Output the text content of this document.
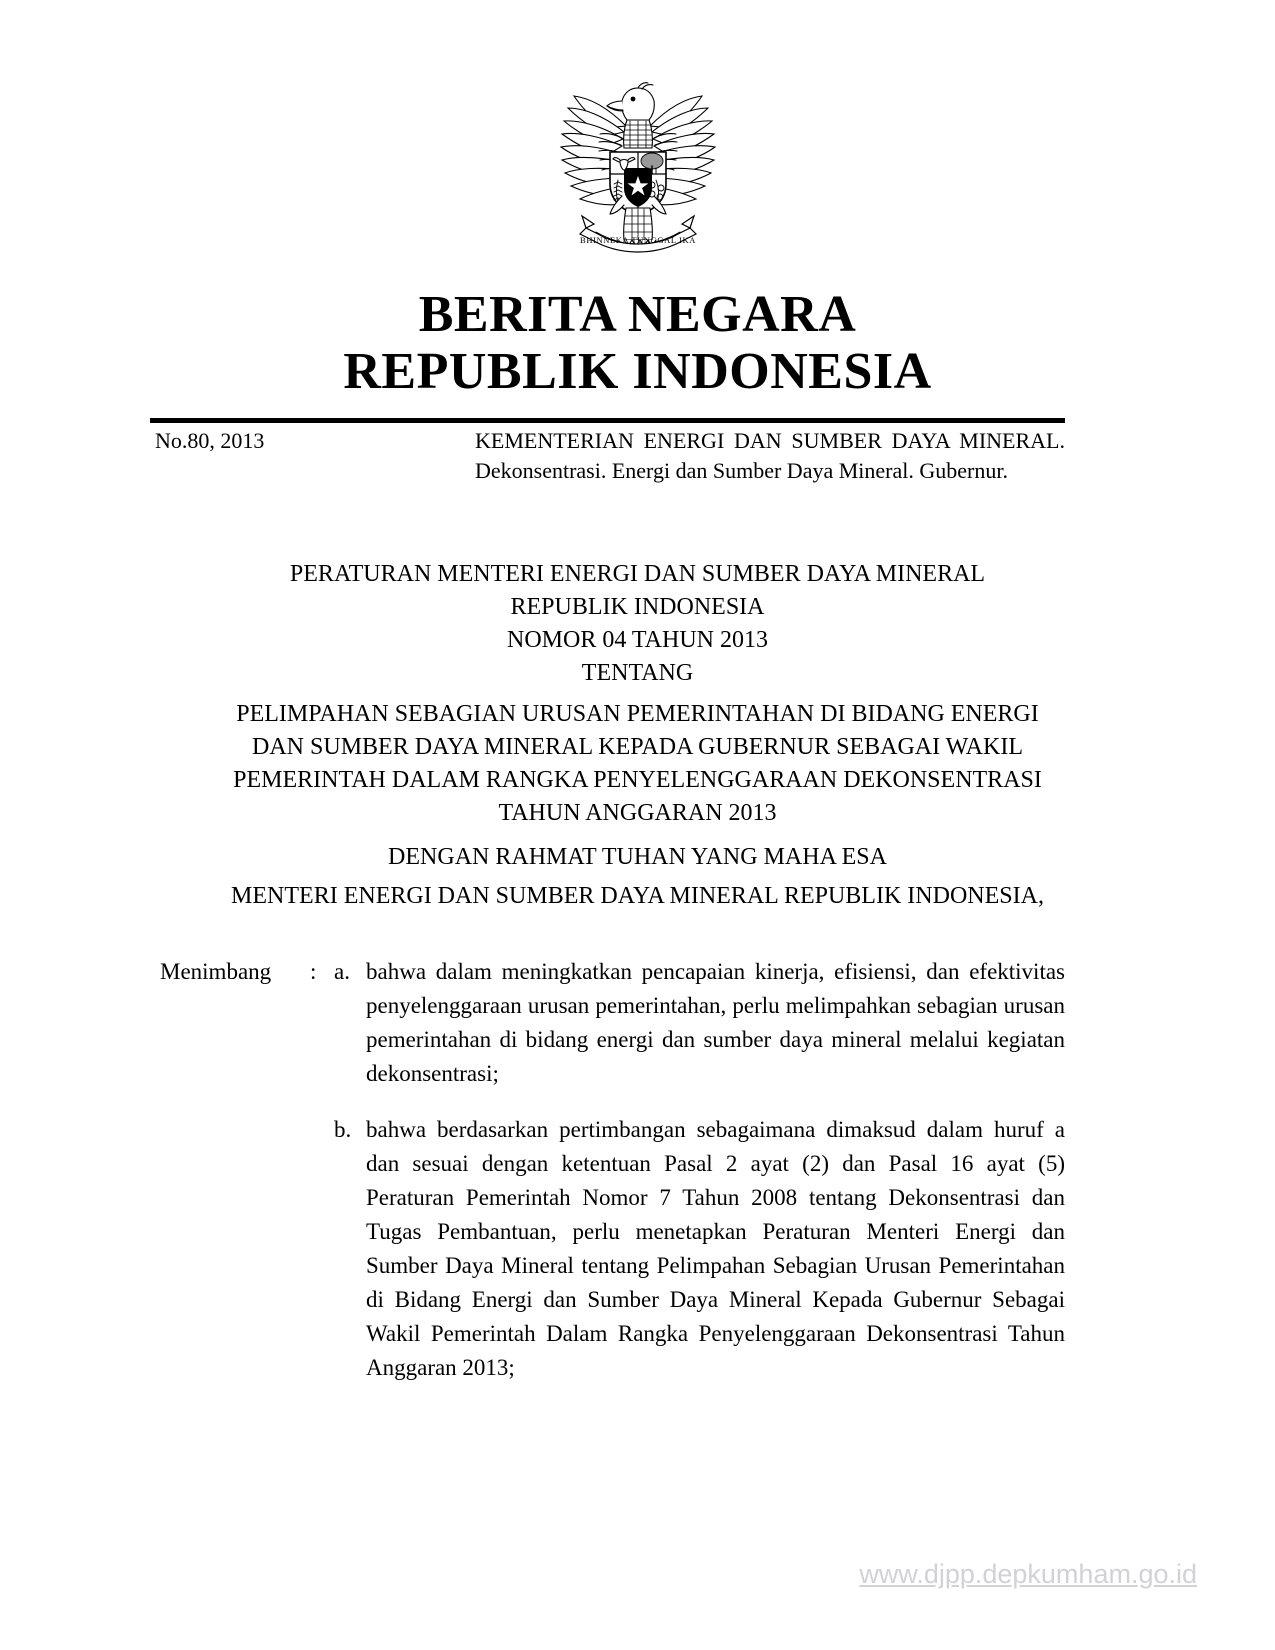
BHINNEKA TUNGGAL IKA
BERITA NEGARA
REPUBLIK INDONESIA
No.80, 2013	KEMENTERIAN ENERGI DAN SUMBER DAYA MINERAL. Dekonsentrasi. Energi dan Sumber Daya Mineral. Gubernur.
PERATURAN MENTERI ENERGI DAN SUMBER DAYA MINERAL
REPUBLIK INDONESIA
NOMOR 04 TAHUN 2013
TENTANG
PELIMPAHAN SEBAGIAN URUSAN PEMERINTAHAN DI BIDANG ENERGI
DAN SUMBER DAYA MINERAL KEPADA GUBERNUR SEBAGAI WAKIL
PEMERINTAH DALAM RANGKA PENYELENGGARAAN DEKONSENTRASI
TAHUN ANGGARAN 2013
DENGAN RAHMAT TUHAN YANG MAHA ESA
MENTERI ENERGI DAN SUMBER DAYA MINERAL REPUBLIK INDONESIA,
Menimbang	: a. bahwa dalam meningkatkan pencapaian kinerja, efisiensi, dan efektivitas penyelenggaraan urusan pemerintahan, perlu melimpahkan sebagian urusan pemerintahan di bidang energi dan sumber daya mineral melalui kegiatan dekonsentrasi;
b. bahwa berdasarkan pertimbangan sebagaimana dimaksud dalam huruf a dan sesuai dengan ketentuan Pasal 2 ayat (2) dan Pasal 16 ayat (5) Peraturan Pemerintah Nomor 7 Tahun 2008 tentang Dekonsentrasi dan Tugas Pembantuan, perlu menetapkan Peraturan Menteri Energi dan Sumber Daya Mineral tentang Pelimpahan Sebagian Urusan Pemerintahan di Bidang Energi dan Sumber Daya Mineral Kepada Gubernur Sebagai Wakil Pemerintah Dalam Rangka Penyelenggaraan Dekonsentrasi Tahun Anggaran 2013;
www.djpp.depkumham.go.id
